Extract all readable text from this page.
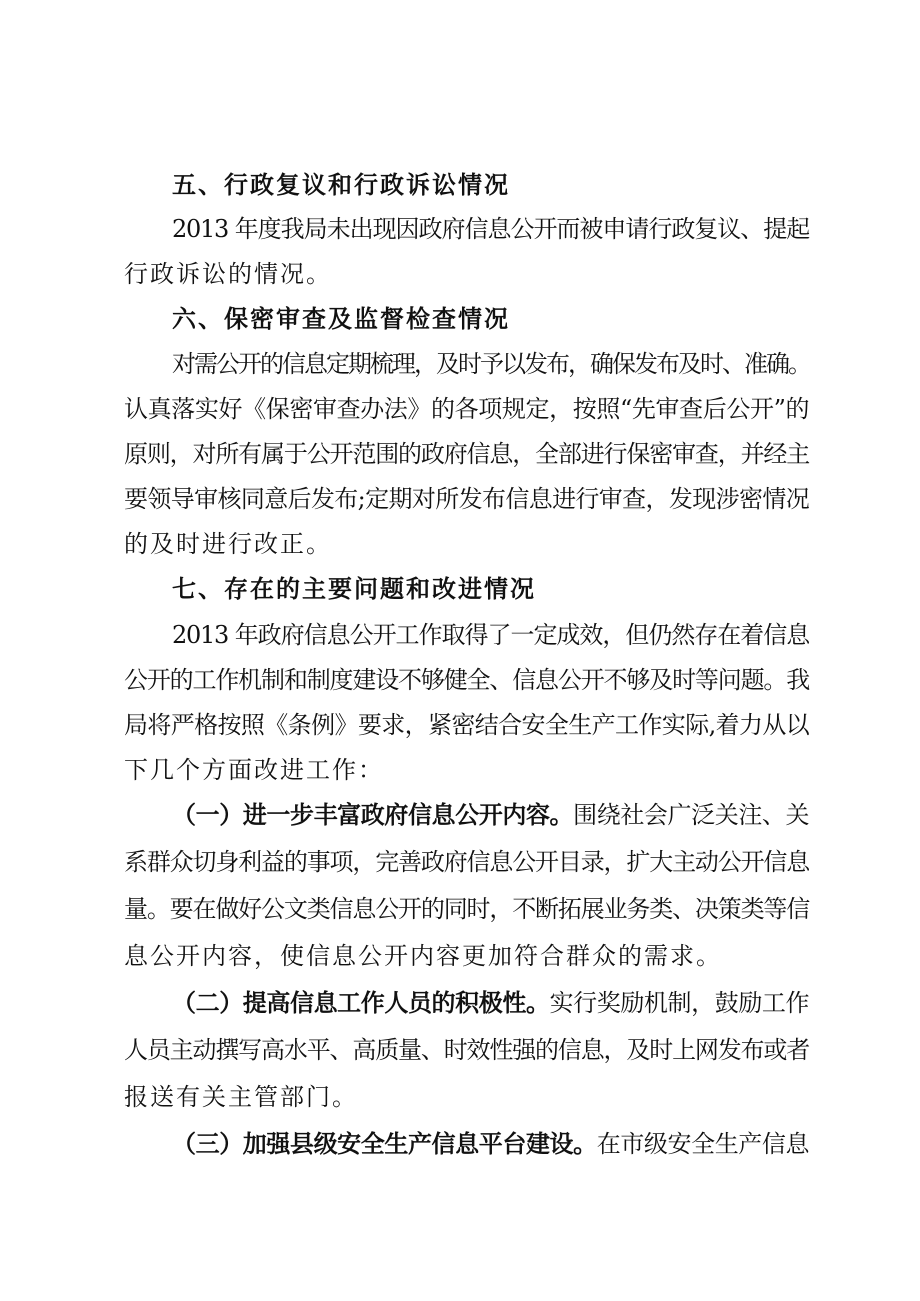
五、行政复议和行政诉讼情况
2013 年度我局未出现因政府信息公开而被申请行政复议、提起
行政诉讼的情况。
六、保密审查及监督检查情况
对需公开的信息定期梳理，及时予以发布，确保发布及时、准确。
认真落实好《保密审查办法》的各项规定，按照“先审查后公开”的
原则，对所有属于公开范围的政府信息，全部进行保密审查，并经主
要领导审核同意后发布;定期对所发布信息进行审查，发现涉密情况
的及时进行改正。
七、存在的主要问题和改进情况
2013 年政府信息公开工作取得了一定成效，但仍然存在着信息
公开的工作机制和制度建设不够健全、信息公开不够及时等问题。我
局将严格按照《条例》要求，紧密结合安全生产工作实际,着力从以
下几个方面改进工作：
（一）进一步丰富政府信息公开内容。围绕社会广泛关注、关
系群众切身利益的事项，完善政府信息公开目录，扩大主动公开信息
量。要在做好公文类信息公开的同时，不断拓展业务类、决策类等信
息公开内容，使信息公开内容更加符合群众的需求。
（二）提高信息工作人员的积极性。实行奖励机制，鼓励工作
人员主动撰写高水平、高质量、时效性强的信息，及时上网发布或者
报送有关主管部门。
（三）加强县级安全生产信息平台建设。在市级安全生产信息
